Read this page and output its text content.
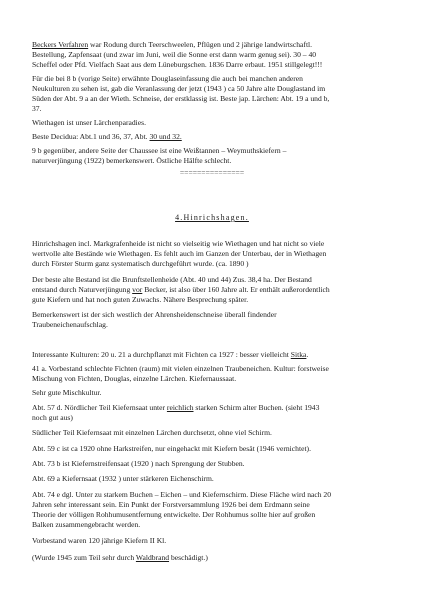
Beckers Verfahren war Rodung durch Teerschweelen, Pflügen und 2 jährige landwirtschaftl.

Bestellung, Zapfensaat (und zwar im Juni, weil die Sonne erst dann warm genug sei). 30 – 40

Scheffel oder Pfd. Vielfach Saat aus dem Lüneburgschen. 1836 Darre erbaut. 1951 stillgelegt!!!

Für die bei 8 b (vorige Seite) erwähnte Douglaseinfassung die auch bei manchen anderen

Neukulturen zu sehen ist, gab die Veranlassung der jetzt (1943 ) ca 50 Jahre alte Douglastand im

Süden der Abt. 9 a an der Wieth. Schneise, der erstklassig ist. Beste jap. Lärchen: Abt. 19 a und b,

37.

Wiethagen ist unser Lärchenparadies.

Beste Decidua: Abt.1 und 36, 37, Abt. 30 und 32.

9 b gegenüber, andere Seite der Chaussee ist eine Weißtannen – Weymuthskiefern –

naturverjüngung (1922) bemerkenswert. Östliche Hälfte schlecht.

===============
4.Hinrichshagen.

Hinrichshagen incl. Markgrafenheide ist nicht so vielseitig wie Wiethagen und hat nicht so viele

wertvolle alte Bestände wie Wiethagen. Es fehlt auch im Ganzen der Unterbau, der in Wiethagen

durch Förster Sturm ganz systematisch durchgeführt wurde. (ca. 1890 )

Der beste alte Bestand ist die Brunftstellenheide (Abt. 40 und 44) Zus. 38,4 ha. Der Bestand

entstand durch Naturverjüngung vor Becker, ist also über 160 Jahre alt. Er enthält außerordentlich

gute Kiefern und hat noch guten Zuwachs. Nähere Besprechung später.

Bemerkenswert ist der sich westlich der Ahrensheidenschneise überall findender

Traubeneichenaufschlag.

Interessante Kulturen: 20 u. 21 a durchpflanzt mit Fichten ca 1927 : besser vielleicht Sitka.

41 a. Vorbestand schlechte Fichten (raum) mit vielen einzelnen Traubeneichen. Kultur: forstweise

Mischung von Fichten, Douglas, einzelne Lärchen. Kiefernaussaat.

Sehr gute Mischkultur.

Abt. 57 d. Nördlicher Teil Kiefernsaat unter reichlich starken Schirm alter Buchen. (sieht 1943

noch gut aus)

Südlicher Teil Kiefernsaat mit einzelnen Lärchen durchsetzt, ohne viel Schirm.

Abt. 59 c ist ca 1920 ohne Harkstreifen, nur eingehackt mit Kiefern besät (1946 vernichtet).

Abt. 73 b ist Kiefernstreifensaat (1920 ) nach Sprengung der Stubben.

Abt. 69 a Kiefernsaat (1932 ) unter stärkeren Eichenschirm.

Abt. 74 e dgl. Unter zu starkem Buchen – Eichen – und Kiefernschirm. Diese Fläche wird nach 20

Jahren sehr interessant sein. Ein Punkt der Forstversammlung 1926 bei dem Erdmann seine

Theorie der völligen Rohhumusentfernung entwickelte. Der Rohhumus sollte hier auf großen

Balken zusammengebracht werden.

Vorbestand waren 120 jährige Kiefern II Kl.

(Wurde 1945 zum Teil sehr durch Waldbrand beschädigt.)
